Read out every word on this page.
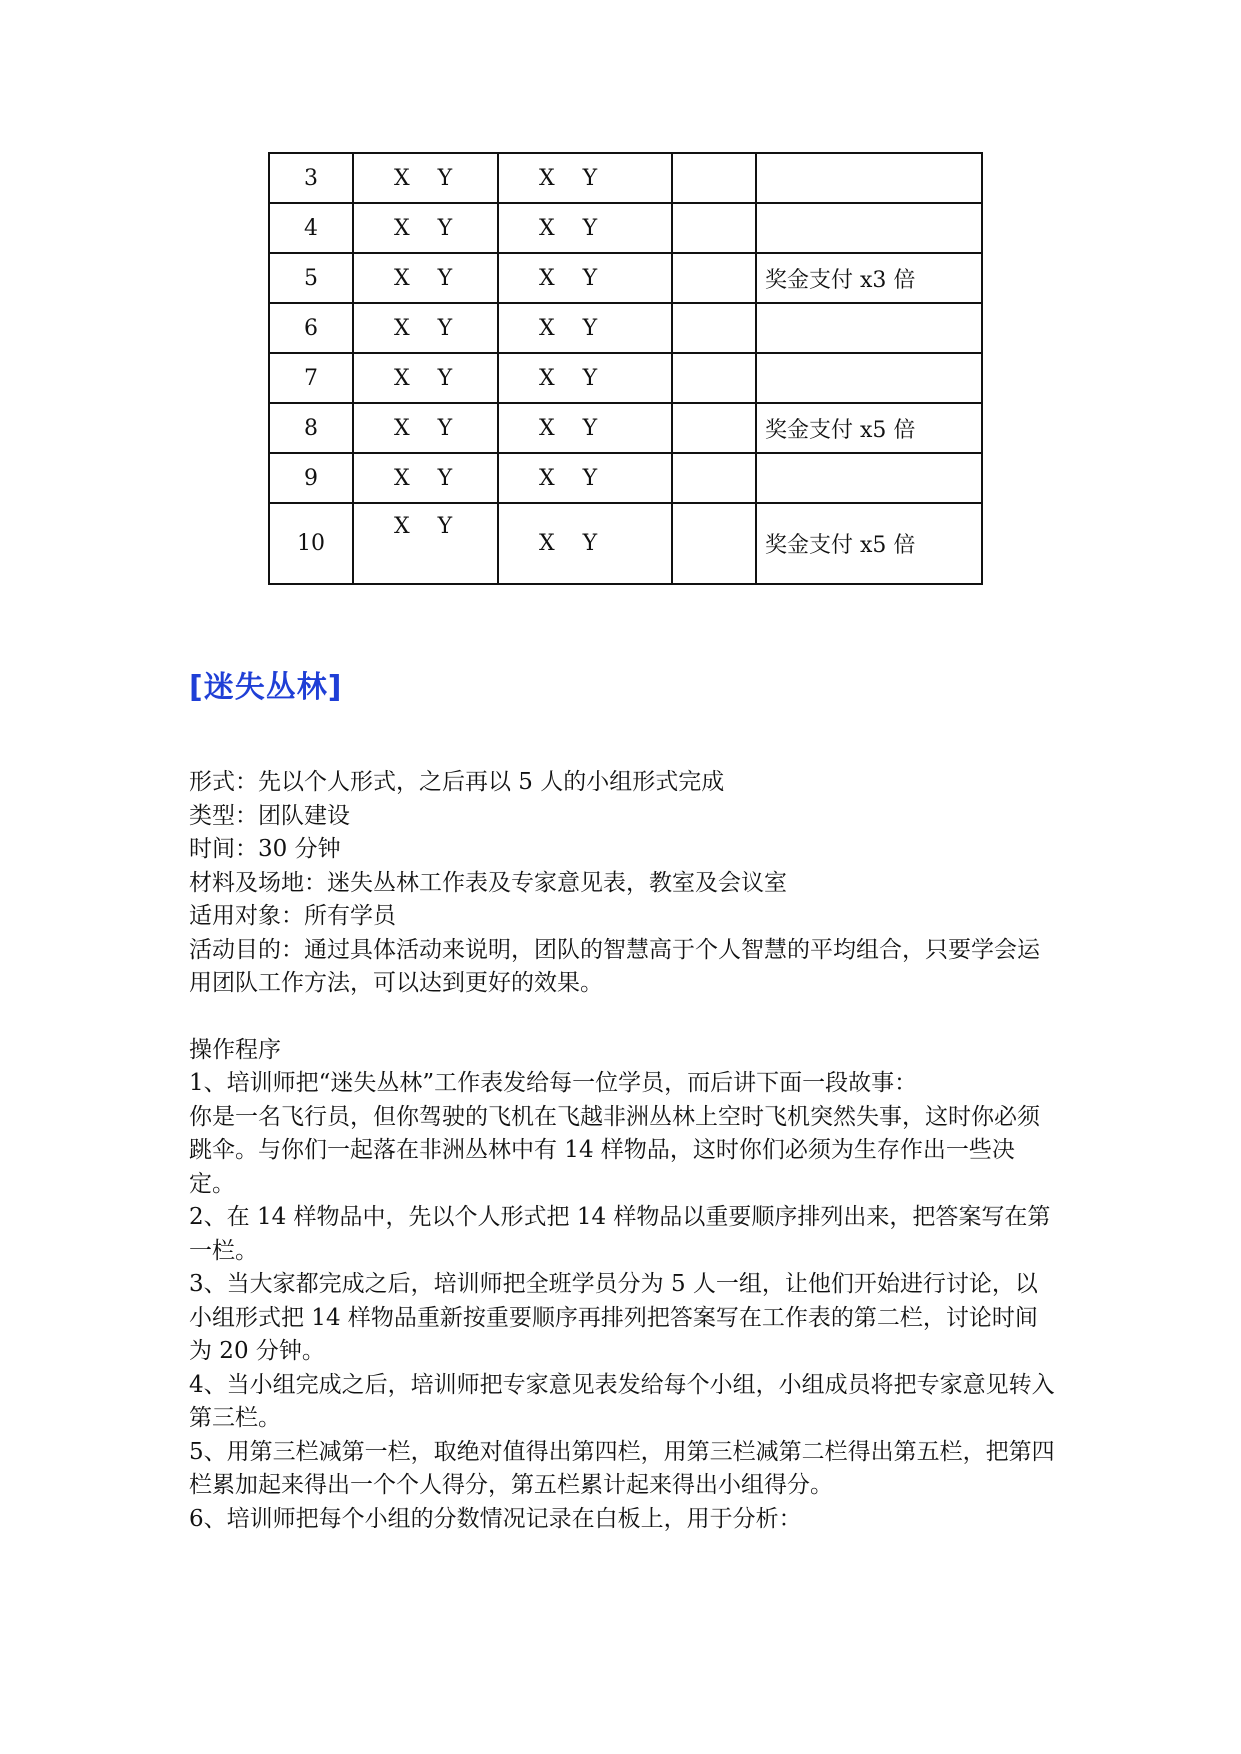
3	X    Y	X    Y		
4	X    Y	X    Y		
5	X    Y	X    Y		奖金支付 x3 倍
6	X    Y	X    Y		
7	X    Y	X    Y		
8	X    Y	X    Y		奖金支付 x5 倍
9	X    Y	X    Y		
10	X    Y	X    Y		奖金支付 x5 倍
[迷失丛林]

形式：先以个人形式，之后再以 5 人的小组形式完成

类型：团队建设

时间：30 分钟

材料及场地：迷失丛林工作表及专家意见表，教室及会议室

适用对象：所有学员

活动目的：通过具体活动来说明，团队的智慧高于个人智慧的平均组合，只要学会运用团队工作方法，可以达到更好的效果。

操作程序

1、培训师把“迷失丛林”工作表发给每一位学员，而后讲下面一段故事：

你是一名飞行员，但你驾驶的飞机在飞越非洲丛林上空时飞机突然失事，这时你必须跳伞。与你们一起落在非洲丛林中有 14 样物品，这时你们必须为生存作出一些决定。

2、在 14 样物品中，先以个人形式把 14 样物品以重要顺序排列出来，把答案写在第一栏。

3、当大家都完成之后，培训师把全班学员分为 5 人一组，让他们开始进行讨论，以小组形式把 14 样物品重新按重要顺序再排列把答案写在工作表的第二栏，讨论时间为 20 分钟。

4、当小组完成之后，培训师把专家意见表发给每个小组，小组成员将把专家意见转入第三栏。

5、用第三栏减第一栏，取绝对值得出第四栏，用第三栏减第二栏得出第五栏，把第四栏累加起来得出一个个人得分，第五栏累计起来得出小组得分。

6、培训师把每个小组的分数情况记录在白板上，用于分析：
